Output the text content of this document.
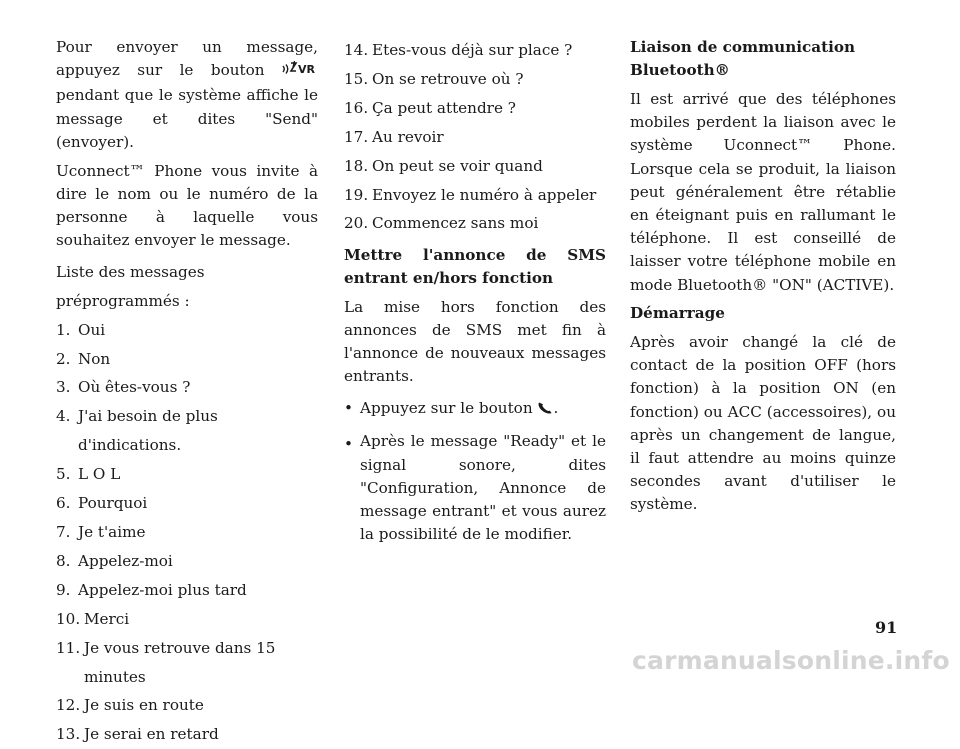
Pour envoyer un message, appuyez sur le bouton	VR
pendant que le système affiche le message et dites "Send" (envoyer).

Uconnect™ Phone vous invite à dire le nom ou le numéro de la personne à laquelle vous souhaitez envoyer le message.

Liste des messages préprogrammés :

1. Oui
2. Non
3. Où êtes-vous ?
4. J'ai besoin de plus d'indications.
5. L O L
6. Pourquoi
7. Je t'aime
8. Appelez-moi
9. Appelez-moi plus tard
10. Merci
11. Je vous retrouve dans 15 minutes
12. Je suis en route
13. Je serai en retard
14. Etes-vous déjà sur place ?
15. On se retrouve où ?
16. Ça peut attendre ?
17. Au revoir
18. On peut se voir quand
19. Envoyez le numéro à appeler
20. Commencez sans moi

Mettre l'annonce de SMS entrant en/hors fonction

La mise hors fonction des annonces de SMS met fin à l'annonce de nouveaux messages entrants.

• Appuyez sur le bouton .
• Après le message "Ready" et le signal sonore, dites "Configuration, Annonce de message entrant" et vous aurez la possibilité de le modifier.

Liaison de communication Bluetooth®

Il est arrivé que des téléphones mobiles perdent la liaison avec le système Uconnect™ Phone. Lorsque cela se produit, la liaison peut généralement être rétablie en éteignant puis en rallumant le téléphone. Il est conseillé de laisser votre téléphone mobile en mode Bluetooth® "ON" (ACTIVE).

Démarrage

Après avoir changé la clé de contact de la position OFF (hors fonction) à la position ON (en fonction) ou ACC (accessoires), ou après un changement de langue, il faut attendre au moins quinze secondes avant d'utiliser le système.

91
carmanualsonline.info
